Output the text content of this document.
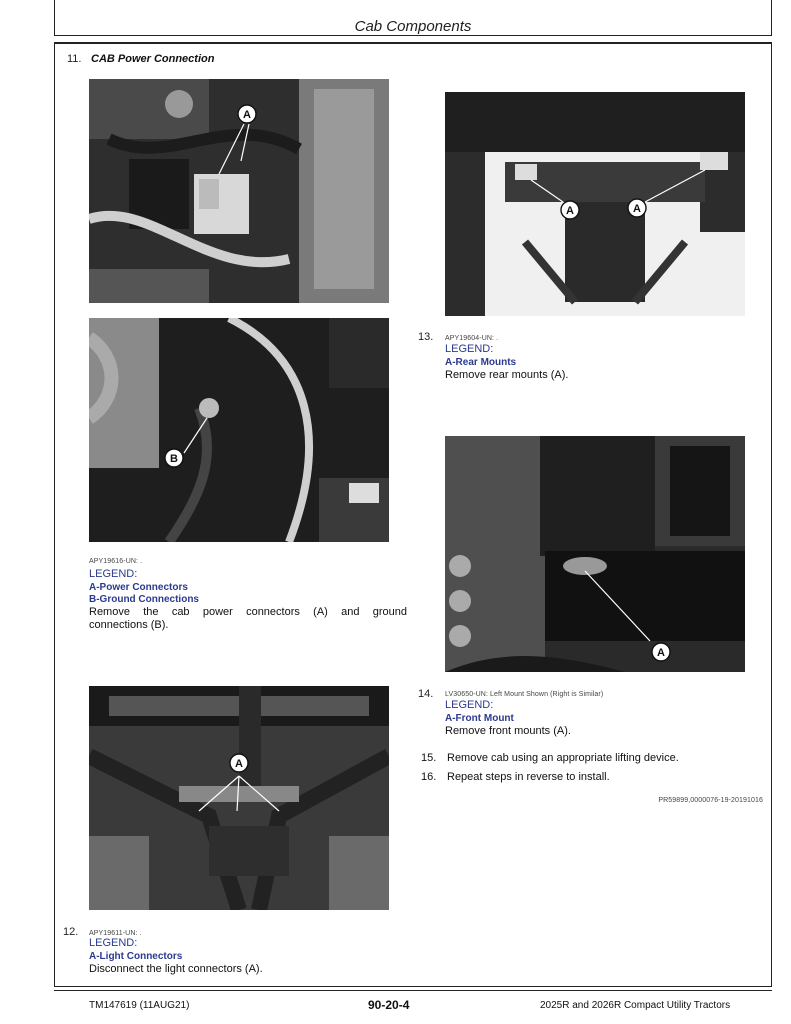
Cab Components
11. CAB Power Connection
A
B
APY19616-UN: .
LEGEND:
A-Power Connectors
B-Ground Connections
Remove the cab power connectors (A) and ground
connections (B).
A
12. APY19611-UN: .
LEGEND:
A-Light Connectors
Disconnect the light connectors (A).
A	A
13. APY19604-UN: .
LEGEND:
A-Rear Mounts
Remove rear mounts (A).
A
14. LV30650-UN: Left Mount Shown (Right is Similar)
LEGEND:
A-Front Mount
Remove front mounts (A).
15. Remove cab using an appropriate lifting device.
16. Repeat steps in reverse to install.
PR59899,0000076-19-20191016
TM147619 (11AUG21)	90-20-4	2025R and 2026R Compact Utility Tractors
